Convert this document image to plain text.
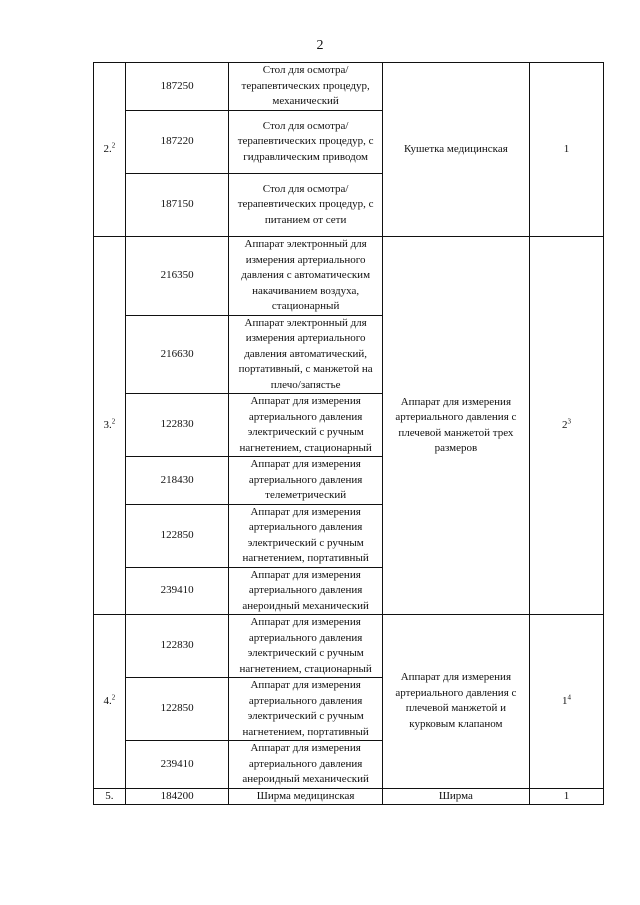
2
2.$^2$	187250	Стол для осмотра/терапевтических процедур, механический	Кушетка медицинская	1
	187220	Стол для осмотра/терапевтических процедур, с гидравлическим приводом		
	187150	Стол для осмотра/терапевтических процедур, с питанием от сети		
3.$^2$	216350	Аппарат электронный для измерения артериального давления с автоматическим накачиванием воздуха, стационарный	Аппарат для измерения артериального давления с плечевой манжетой трех размеров	$2^3$
	216630	Аппарат электронный для измерения артериального давления автоматический, портативный, с манжетой на плечо/запястье		
	122830	Аппарат для измерения артериального давления электрический с ручным нагнетением, стационарный		
	218430	Аппарат для измерения артериального давления телеметрический		
	122850	Аппарат для измерения артериального давления электрический с ручным нагнетением, портативный		
	239410	Аппарат для измерения артериального давления анероидный механический		
4.$^2$	122830	Аппарат для измерения артериального давления электрический с ручным нагнетением, стационарный	Аппарат для измерения артериального давления с плечевой манжетой и курковым клапаном	$1^4$
	122850	Аппарат для измерения артериального давления электрический с ручным нагнетением, портативный		
	239410	Аппарат для измерения артериального давления анероидный механический		
5.	184200	Ширма медицинская	Ширма	1
